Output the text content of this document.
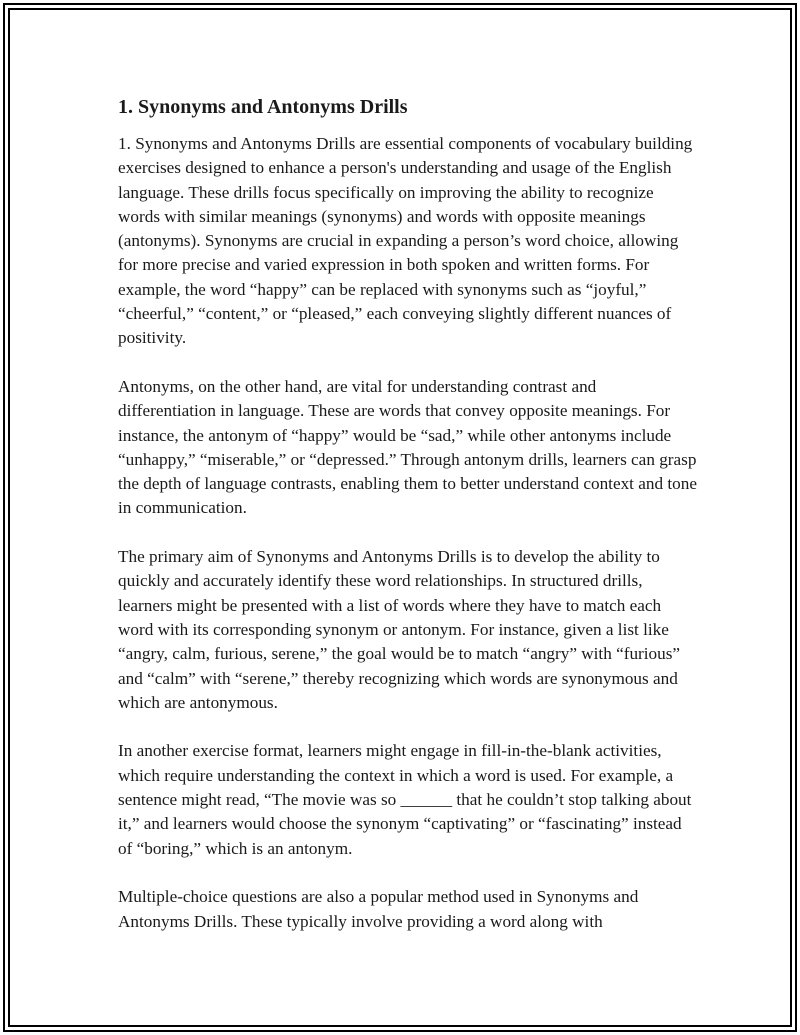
1. Synonyms and Antonyms Drills

1. Synonyms and Antonyms Drills are essential components of vocabulary building exercises designed to enhance a person's understanding and usage of the English language. These drills focus specifically on improving the ability to recognize words with similar meanings (synonyms) and words with opposite meanings (antonyms). Synonyms are crucial in expanding a person’s word choice, allowing for more precise and varied expression in both spoken and written forms. For example, the word “happy” can be replaced with synonyms such as “joyful,” “cheerful,” “content,” or “pleased,” each conveying slightly different nuances of positivity.

Antonyms, on the other hand, are vital for understanding contrast and differentiation in language. These are words that convey opposite meanings. For instance, the antonym of “happy” would be “sad,” while other antonyms include “unhappy,” “miserable,” or “depressed.” Through antonym drills, learners can grasp the depth of language contrasts, enabling them to better understand context and tone in communication.

The primary aim of Synonyms and Antonyms Drills is to develop the ability to quickly and accurately identify these word relationships. In structured drills, learners might be presented with a list of words where they have to match each word with its corresponding synonym or antonym. For instance, given a list like “angry, calm, furious, serene,” the goal would be to match “angry” with “furious” and “calm” with “serene,” thereby recognizing which words are synonymous and which are antonymous.

In another exercise format, learners might engage in fill-in-the-blank activities, which require understanding the context in which a word is used. For example, a sentence might read, “The movie was so ______ that he couldn’t stop talking about it,” and learners would choose the synonym “captivating” or “fascinating” instead of “boring,” which is an antonym.

Multiple-choice questions are also a popular method used in Synonyms and Antonyms Drills. These typically involve providing a word along with
